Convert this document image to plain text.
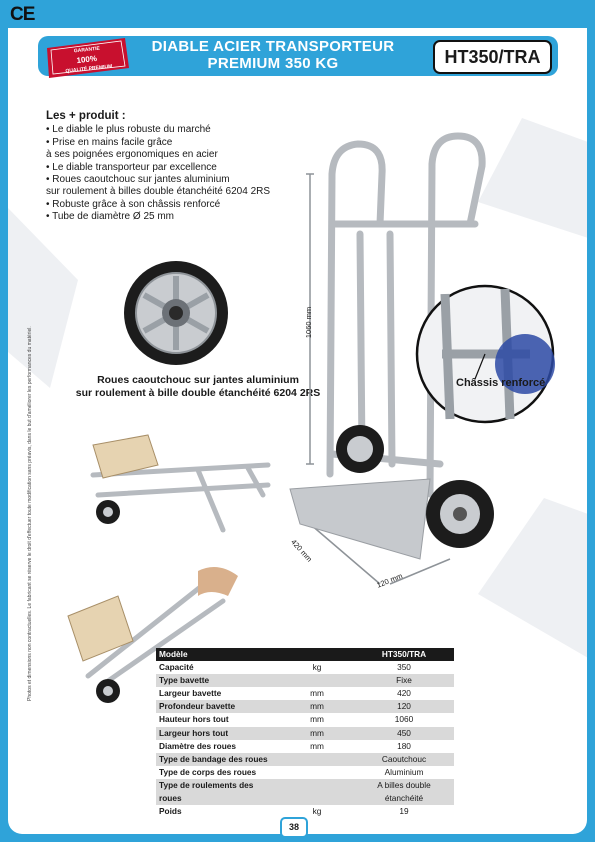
CE
GARANTIE
100%
QUALITÉ PREMIUM
DIABLE ACIER TRANSPORTEUR
PREMIUM 350 KG	HT350/TRA
Les + produit :
• Le diable le plus robuste du marché
• Prise en mains facile grâce
à ses poignées ergonomiques en acier
• Le diable transporteur par excellence
• Roues caoutchouc sur jantes aluminium
sur roulement à billes double étanchéité 6204 2RS
• Robuste grâce à son châssis renforcé
• Tube de diamètre Ø 25 mm
Photos et dimensions non contractuelles. Le fabricant se réserve le droit d'effectuer toute modification sans préavis, dans le but d'améliorer les performances du matériel.	Roues caoutchouc sur jantes aluminium
sur roulement à bille double étanchéité 6204 2RS
1060 mm
420 mm
120 mm
Châssis renforcé
Modèle		HT350/TRA
Capacité	kg	350
Type bavette		Fixe
Largeur bavette	mm	420
Profondeur bavette	mm	120
Hauteur hors tout	mm	1060
Largeur hors tout	mm	450
Diamètre des roues	mm	180
Type de bandage des roues		Caoutchouc
Type de corps des roues		Aluminium
Type de roulements des roues		A billes double étanchéité
Poids	kg	19
38
